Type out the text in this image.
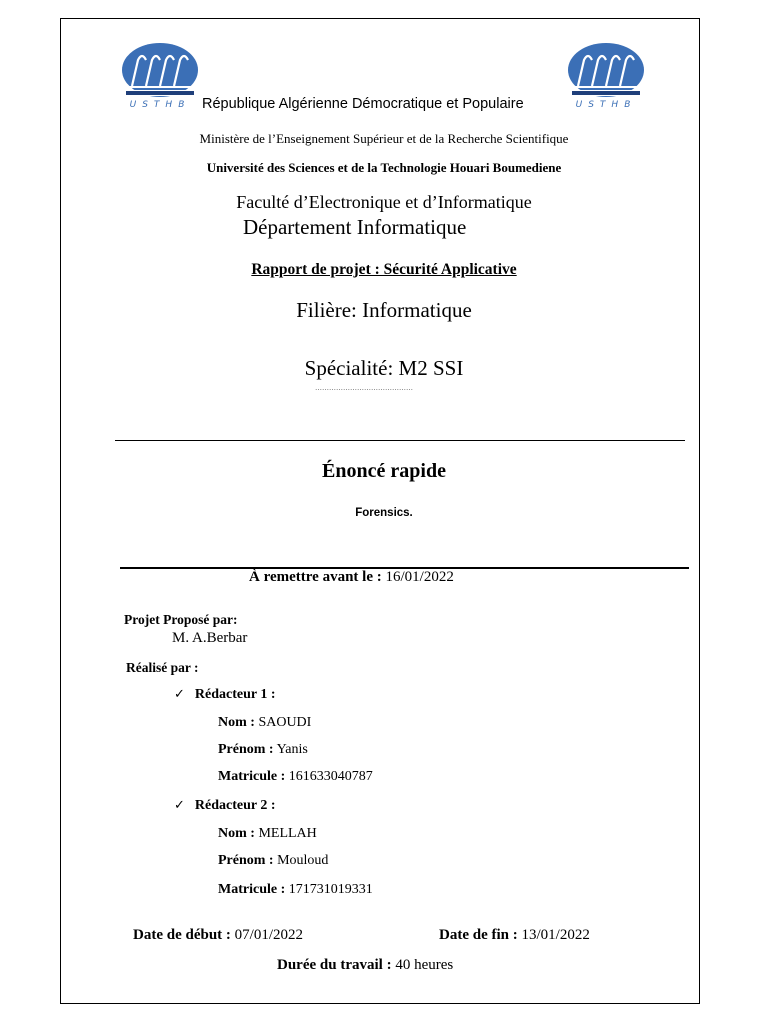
USTHB	USTHB
République Algérienne Démocratique et Populaire
Ministère de l’Enseignement Supérieur et de la Recherche Scientifique
Université des Sciences et de la Technologie Houari Boumediene
Faculté d’Electronique et d’Informatique
Département Informatique
Rapport de projet : Sécurité Applicative
Filière: Informatique
Spécialité: M2 SSI
……………………………………
Énoncé rapide
Forensics.
À remettre avant le : 16/01/2022
Projet Proposé par:
M. A.Berbar
Réalisé par :
✓ Rédacteur 1 :
Nom : SAOUDI
Prénom : Yanis
Matricule : 161633040787
✓ Rédacteur 2 :
Nom : MELLAH
Prénom : Mouloud
Matricule : 171731019331
Date de début : 07/01/2022	Date de fin : 13/01/2022
Durée du travail : 40 heures
